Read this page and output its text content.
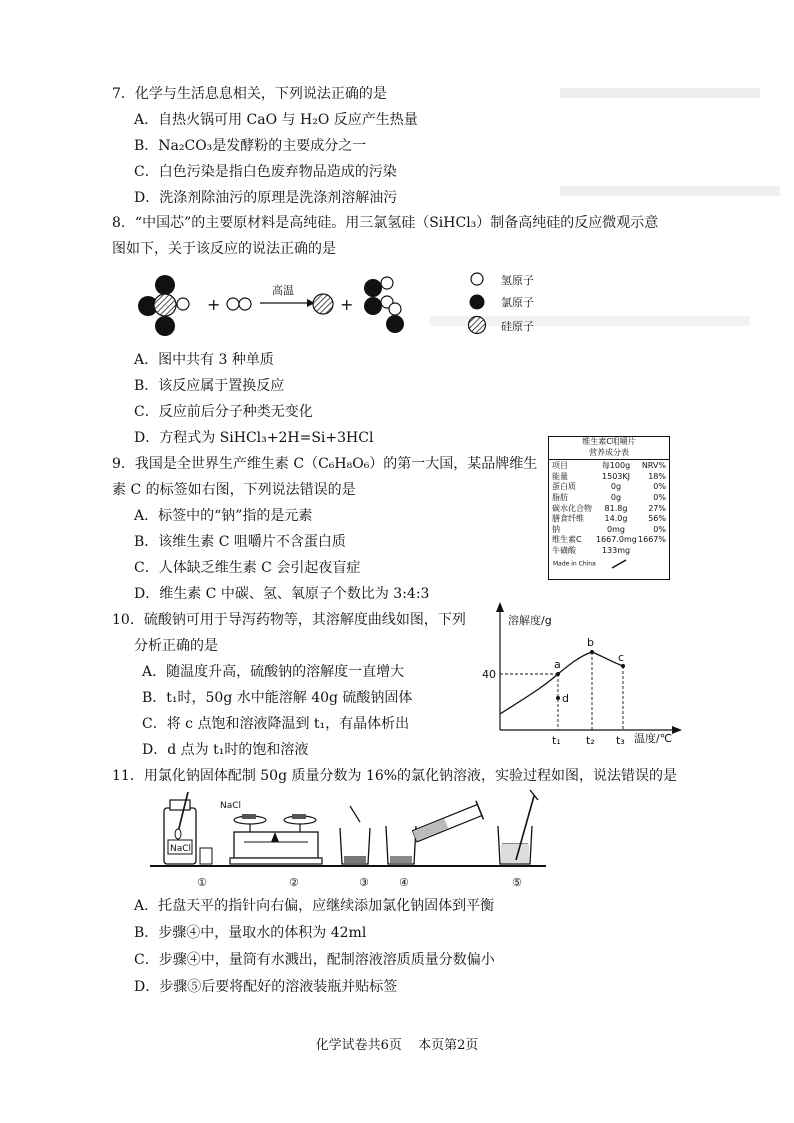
7．化学与生活息息相关，下列说法正确的是
A．自热火锅可用 CaO 与 H₂O 反应产生热量
B．Na₂CO₃是发酵粉的主要成分之一
C．白色污染是指白色废弃物品造成的污染
D．洗涤剂除油污的原理是洗涤剂溶解油污
8．“中国芯”的主要原材料是高纯硅。用三氯氢硅（SiHCl₃）制备高纯硅的反应微观示意
图如下，关于该反应的说法正确的是
+
高温
+
氢原子
氯原子
硅原子
A．图中共有 3 种单质
B．该反应属于置换反应
C．反应前后分子种类无变化
D．方程式为 SiHCl₃+2H=Si+3HCl
9．我国是全世界生产维生素 C（C₆H₈O₆）的第一大国，某品牌维生
素 C 的标签如右图，下列说法错误的是
A．标签中的“钠”指的是元素
B．该维生素 C 咀嚼片不含蛋白质
C．人体缺乏维生素 C 会引起夜盲症
D．维生素 C 中碳、氢、氧原子个数比为 3:4:3
维生素C咀嚼片
营养成分表
项目	每100g	NRV%
能量	1503KJ	18%
蛋白质	0g	0%
脂肪	0g	0%
碳水化合物	81.8g	27%
膳食纤维	14.0g	56%
钠	0mg	0%
维生素C	1667.0mg 1667%
牛磺酸	133mg
Made in China
10．硫酸钠可用于导泻药物等，其溶解度曲线如图，下列
分析正确的是
A．随温度升高，硫酸钠的溶解度一直增大
B．t₁时，50g 水中能溶解 40g 硫酸钠固体
C．将 c 点饱和溶液降温到 t₁，有晶体析出
D．d 点为 t₁时的饱和溶液
溶解度/g
温度/℃
40
a
b
c
d
t₁ t₂ t₃
11．用氯化钠固体配制 50g 质量分数为 16%的氯化钠溶液，实验过程如图，说法错误的是
NaCl
NaCl
①	②	③	④	⑤
A．托盘天平的指针向右偏，应继续添加氯化钠固体到平衡
B．步骤④中，量取水的体积为 42ml
C．步骤④中，量筒有水溅出，配制溶液溶质质量分数偏小
D．步骤⑤后要将配好的溶液装瓶并贴标签
化学试卷共6页 本页第2页
